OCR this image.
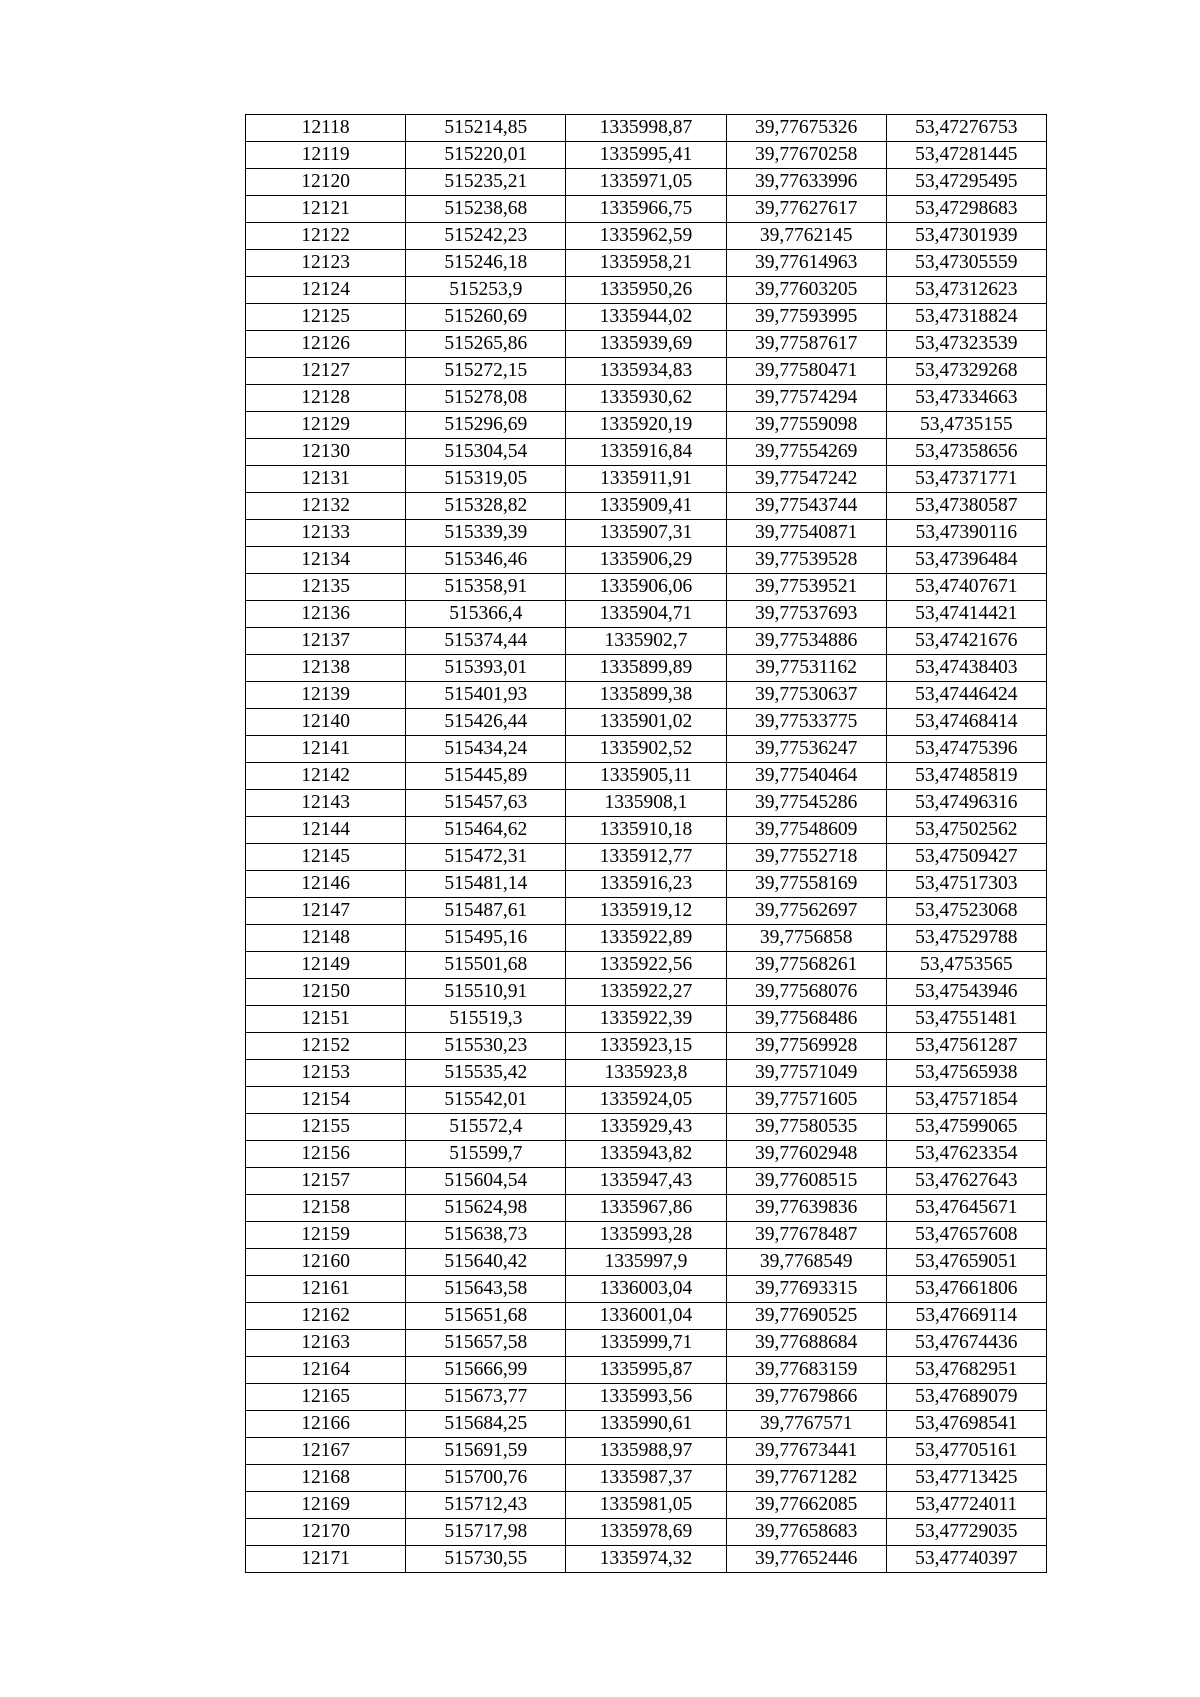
12118	515214,85	1335998,87	39,77675326	53,47276753
12119	515220,01	1335995,41	39,77670258	53,47281445
12120	515235,21	1335971,05	39,77633996	53,47295495
12121	515238,68	1335966,75	39,77627617	53,47298683
12122	515242,23	1335962,59	39,7762145	53,47301939
12123	515246,18	1335958,21	39,77614963	53,47305559
12124	515253,9	1335950,26	39,77603205	53,47312623
12125	515260,69	1335944,02	39,77593995	53,47318824
12126	515265,86	1335939,69	39,77587617	53,47323539
12127	515272,15	1335934,83	39,77580471	53,47329268
12128	515278,08	1335930,62	39,77574294	53,47334663
12129	515296,69	1335920,19	39,77559098	53,4735155
12130	515304,54	1335916,84	39,77554269	53,47358656
12131	515319,05	1335911,91	39,77547242	53,47371771
12132	515328,82	1335909,41	39,77543744	53,47380587
12133	515339,39	1335907,31	39,77540871	53,47390116
12134	515346,46	1335906,29	39,77539528	53,47396484
12135	515358,91	1335906,06	39,77539521	53,47407671
12136	515366,4	1335904,71	39,77537693	53,47414421
12137	515374,44	1335902,7	39,77534886	53,47421676
12138	515393,01	1335899,89	39,77531162	53,47438403
12139	515401,93	1335899,38	39,77530637	53,47446424
12140	515426,44	1335901,02	39,77533775	53,47468414
12141	515434,24	1335902,52	39,77536247	53,47475396
12142	515445,89	1335905,11	39,77540464	53,47485819
12143	515457,63	1335908,1	39,77545286	53,47496316
12144	515464,62	1335910,18	39,77548609	53,47502562
12145	515472,31	1335912,77	39,77552718	53,47509427
12146	515481,14	1335916,23	39,77558169	53,47517303
12147	515487,61	1335919,12	39,77562697	53,47523068
12148	515495,16	1335922,89	39,7756858	53,47529788
12149	515501,68	1335922,56	39,77568261	53,4753565
12150	515510,91	1335922,27	39,77568076	53,47543946
12151	515519,3	1335922,39	39,77568486	53,47551481
12152	515530,23	1335923,15	39,77569928	53,47561287
12153	515535,42	1335923,8	39,77571049	53,47565938
12154	515542,01	1335924,05	39,77571605	53,47571854
12155	515572,4	1335929,43	39,77580535	53,47599065
12156	515599,7	1335943,82	39,77602948	53,47623354
12157	515604,54	1335947,43	39,77608515	53,47627643
12158	515624,98	1335967,86	39,77639836	53,47645671
12159	515638,73	1335993,28	39,77678487	53,47657608
12160	515640,42	1335997,9	39,7768549	53,47659051
12161	515643,58	1336003,04	39,77693315	53,47661806
12162	515651,68	1336001,04	39,77690525	53,47669114
12163	515657,58	1335999,71	39,77688684	53,47674436
12164	515666,99	1335995,87	39,77683159	53,47682951
12165	515673,77	1335993,56	39,77679866	53,47689079
12166	515684,25	1335990,61	39,7767571	53,47698541
12167	515691,59	1335988,97	39,77673441	53,47705161
12168	515700,76	1335987,37	39,77671282	53,47713425
12169	515712,43	1335981,05	39,77662085	53,47724011
12170	515717,98	1335978,69	39,77658683	53,47729035
12171	515730,55	1335974,32	39,77652446	53,47740397
